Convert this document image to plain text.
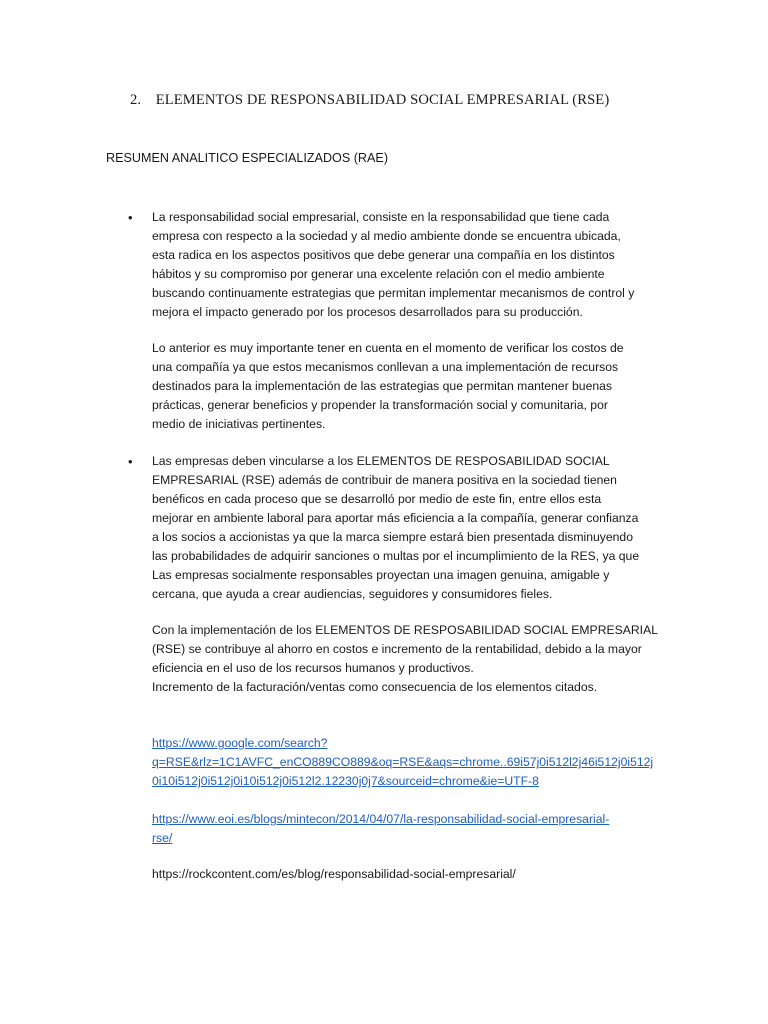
2. ELEMENTOS DE RESPONSABILIDAD SOCIAL EMPRESARIAL (RSE)
RESUMEN ANALITICO ESPECIALIZADOS (RAE)
• La responsabilidad social empresarial, consiste en la responsabilidad que tiene cada
empresa con respecto a la sociedad y al medio ambiente donde se encuentra ubicada,
esta radica en los aspectos positivos que debe generar una compañía en los distintos
hábitos y su compromiso por generar una excelente relación con el medio ambiente
buscando continuamente estrategias que permitan implementar mecanismos de control y
mejora el impacto generado por los procesos desarrollados para su producción.
Lo anterior es muy importante tener en cuenta en el momento de verificar los costos de
una compañía ya que estos mecanismos conllevan a una implementación de recursos
destinados para la implementación de las estrategias que permitan mantener buenas
prácticas, generar beneficios y propender la transformación social y comunitaria, por
medio de iniciativas pertinentes.
• Las empresas deben vincularse a los ELEMENTOS DE RESPOSABILIDAD SOCIAL
EMPRESARIAL (RSE) además de contribuir de manera positiva en la sociedad tienen
benéficos en cada proceso que se desarrolló por medio de este fin, entre ellos esta
mejorar en ambiente laboral para aportar más eficiencia a la compañía, generar confianza
a los socios a accionistas ya que la marca siempre estará bien presentada disminuyendo
las probabilidades de adquirir sanciones o multas por el incumplimiento de la RES, ya que
Las empresas socialmente responsables proyectan una imagen genuina, amigable y
cercana, que ayuda a crear audiencias, seguidores y consumidores fieles.
Con la implementación de los ELEMENTOS DE RESPOSABILIDAD SOCIAL EMPRESARIAL
(RSE) se contribuye al ahorro en costos e incremento de la rentabilidad, debido a la mayor
eficiencia en el uso de los recursos humanos y productivos.
Incremento de la facturación/ventas como consecuencia de los elementos citados.
https://www.google.com/search?
q=RSE&rlz=1C1AVFC_enCO889CO889&oq=RSE&aqs=chrome..69i57j0i512l2j46i512j0i512j
0i10i512j0i512j0i10i512j0i512l2.12230j0j7&sourceid=chrome&ie=UTF-8
https://www.eoi.es/blogs/mintecon/2014/04/07/la-responsabilidad-social-empresarial-
rse/
https://rockcontent.com/es/blog/responsabilidad-social-empresarial/
